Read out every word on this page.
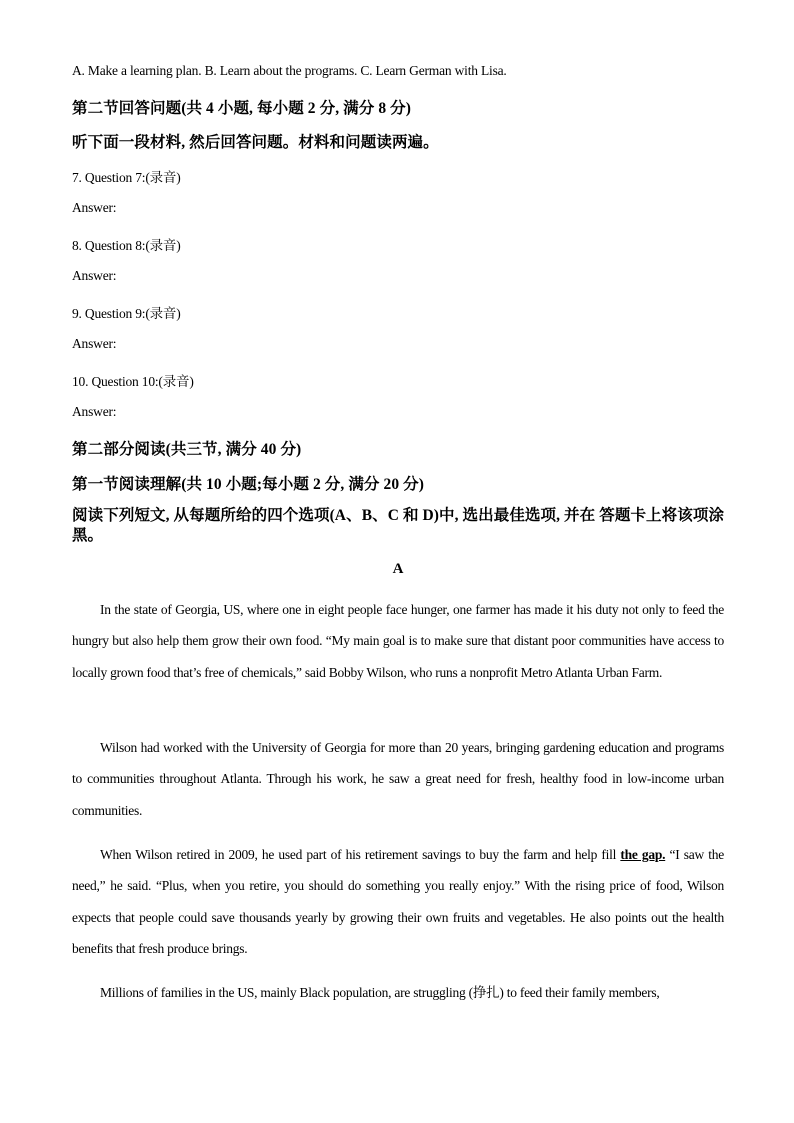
A. Make a learning plan. B. Learn about the programs. C. Learn German with Lisa.
第二节回答问题(共 4 小题, 每小题 2 分, 满分 8 分)
听下面一段材料, 然后回答问题。材料和问题读两遍。
7. Question 7:(录音)
Answer:
8. Question 8:(录音)
Answer:
9. Question 9:(录音)
Answer:
10. Question 10:(录音)
Answer:
第二部分阅读(共三节, 满分 40 分)
第一节阅读理解(共 10 小题;每小题 2 分, 满分 20 分)
阅读下列短文, 从每题所给的四个选项(A、B、C 和 D)中, 选出最佳选项, 并在 答题卡上将该项涂黑。
A
In the state of Georgia, US, where one in eight people face hunger, one farmer has made it his duty not only to feed the hungry but also help them grow their own food. “My main goal is to make sure that distant poor communities have access to locally grown food that’s free of chemicals,” said Bobby Wilson, who runs a nonprofit Metro Atlanta Urban Farm.
Wilson had worked with the University of Georgia for more than 20 years, bringing gardening education and programs to communities throughout Atlanta. Through his work, he saw a great need for fresh, healthy food in low-income urban communities.
When Wilson retired in 2009, he used part of his retirement savings to buy the farm and help fill the gap. “I saw the need,” he said. “Plus, when you retire, you should do something you really enjoy.” With the rising price of food, Wilson expects that people could save thousands yearly by growing their own fruits and vegetables. He also points out the health benefits that fresh produce brings.
Millions of families in the US, mainly Black population, are struggling (挣扎) to feed their family members,
